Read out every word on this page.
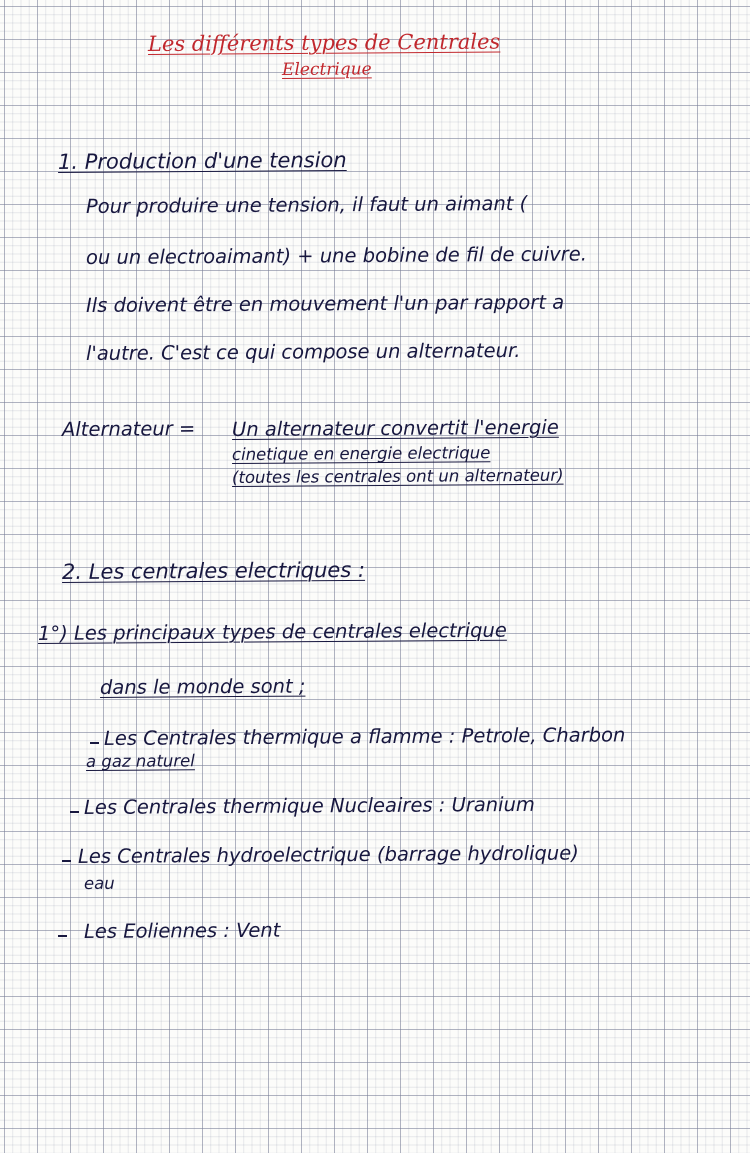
Les différents types de Centrales

Electrique

1. Production d'une tension

Pour produire une tension, il faut un aimant (

ou un electroaimant) + une bobine de fil de cuivre.

Ils doivent être en mouvement l'un par rapport a

l'autre. C'est ce qui compose un alternateur.

Alternateur = Un alternateur convertit l'energie

cinetique en energie electrique

(toutes les centrales ont un alternateur)

2. Les centrales electriques :

1°) Les principaux types de centrales electrique

dans le monde sont ;

Les Centrales thermique a flamme : Petrole, Charbon

a gaz naturel

Les Centrales thermique Nucleaires : Uranium

Les Centrales hydroelectrique (barrage hydrolique)

eau

Les Eoliennes : Vent
